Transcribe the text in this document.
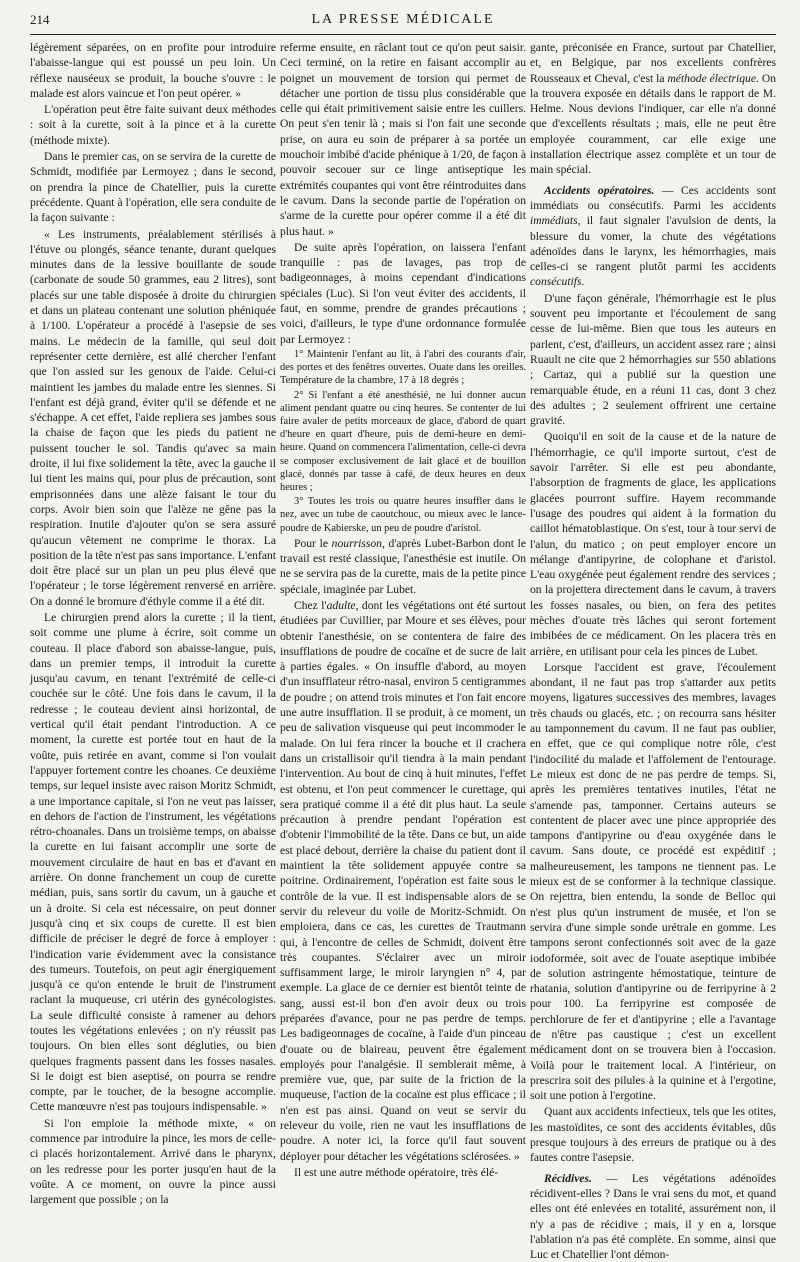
214	LA PRESSE MÉDICALE

légèrement séparées, on en profite pour introduire l'abaisse-langue qui est poussé un peu loin. Un réflexe nauséeux se produit, la bouche s'ouvre : le malade est alors vaincue et l'on peut opérer. »

L'opération peut être faite suivant deux méthodes : soit à la curette, soit à la pince et à la curette (méthode mixte).

Dans le premier cas, on se servira de la curette de Schmidt, modifiée par Lermoyez ; dans le second, on prendra la pince de Chatellier, puis la curette précédente. Quant à l'opération, elle sera conduite de la façon suivante :

« Les instruments, préalablement stérilisés à l'étuve ou plongés, séance tenante, durant quelques minutes dans de la lessive bouillante de soude (carbonate de soude 50 grammes, eau 2 litres), sont placés sur une table disposée à droite du chirurgien et dans un plateau contenant une solution phéniquée à 1/100. L'opérateur a procédé à l'asepsie de ses mains. Le médecin de la famille, qui seul doit représenter cette dernière, est allé chercher l'enfant que l'on assied sur les genoux de l'aide. Celui-ci maintient les jambes du malade entre les siennes. Si l'enfant est déjà grand, éviter qu'il se défende et ne s'échappe. A cet effet, l'aide repliera ses jambes sous la chaise de façon que les pieds du patient ne puissent toucher le sol. Tandis qu'avec sa main droite, il lui fixe solidement la tête, avec la gauche il lui tient les mains qui, pour plus de précaution, sont emprisonnées dans une alèze faisant le tour du corps. Avoir bien soin que l'alèze ne gêne pas la respiration. Inutile d'ajouter qu'on se sera assuré qu'aucun vêtement ne comprime le thorax. La position de la tête n'est pas sans importance. L'enfant doit être placé sur un plan un peu plus élevé que l'opérateur ; le torse légèrement renversé en arrière. On a donné le bromure d'éthyle comme il a été dit.

Le chirurgien prend alors la curette ; il la tient, soit comme une plume à écrire, soit comme un couteau. Il place d'abord son abaisse-langue, puis, dans un premier temps, il introduit la curette jusqu'au cavum, en tenant l'extrémité de celle-ci couchée sur le côté. Une fois dans le cavum, il la redresse ; le couteau devient ainsi horizontal, de vertical qu'il était pendant l'introduction. A ce moment, la curette est portée tout en haut de la voûte, puis retirée en avant, comme si l'on voulait l'appuyer fortement contre les choanes. Ce deuxième temps, sur lequel insiste avec raison Moritz Schmidt, a une importance capitale, si l'on ne veut pas laisser, en dehors de l'action de l'instrument, les végétations rétro-choanales. Dans un troisième temps, on abaisse la curette en lui faisant accomplir une sorte de mouvement circulaire de haut en bas et d'avant en arrière. On donne franchement un coup de curette médian, puis, sans sortir du cavum, un à gauche et un à droite. Si cela est nécessaire, on peut donner jusqu'à cinq et six coups de curette. Il est bien difficile de préciser le degré de force à employer : l'indication varie évidemment avec la consistance des tumeurs. Toutefois, on peut agir énergiquement jusqu'à ce qu'on entende le bruit de l'instrument raclant la muqueuse, cri utérin des gynécologistes. La seule difficulté consiste à ramener au dehors toutes les végétations enlevées ; on n'y réussit pas toujours. On bien elles sont dégluties, ou bien quelques fragments passent dans les fosses nasales. Si le doigt est bien aseptisé, on pourra se rendre compte, par le toucher, de la besogne accomplie. Cette manœuvre n'est pas toujours indispensable. »

Si l'on emploie la méthode mixte, « on commence par introduire la pince, les mors de celle-ci placés horizontalement. Arrivé dans le pharynx, on les redresse pour les porter jusqu'en haut de la voûte. A ce moment, on ouvre la pince aussi largement que possible ; on la

referme ensuite, en râclant tout ce qu'on peut saisir. Ceci terminé, on la retire en faisant accomplir au poignet un mouvement de torsion qui permet de détacher une portion de tissu plus considérable que celle qui était primitivement saisie entre les cuillers. On peut s'en tenir là ; mais si l'on fait une seconde prise, on aura eu soin de préparer à sa portée un mouchoir imbibé d'acide phénique à 1/20, de façon à pouvoir secouer sur ce linge antiseptique les extrémités coupantes qui vont être réintroduites dans le cavum. Dans la seconde partie de l'opération on s'arme de la curette pour opérer comme il a été dit plus haut. »

De suite après l'opération, on laissera l'enfant tranquille : pas de lavages, pas trop de badigeonnages, à moins cependant d'indications spéciales (Luc). Si l'on veut éviter des accidents, il faut, en somme, prendre de grandes précautions ; voici, d'ailleurs, le type d'une ordonnance formulée par Lermoyez :

1° Maintenir l'enfant au lit, à l'abri des courants d'air, des portes et des fenêtres ouvertes. Ouate dans les oreilles. Température de la chambre, 17 à 18 degrés ;

2° Si l'enfant a été anesthésié, ne lui donner aucun aliment pendant quatre ou cinq heures. Se contenter de lui faire avaler de petits morceaux de glace, d'abord de quart d'heure en quart d'heure, puis de demi-heure en demi-heure. Quand on commencera l'alimentation, celle-ci devra se composer exclusivement de lait glacé et de bouillon glacé, donnés par tasse à café, de deux heures en deux heures ;

3° Toutes les trois ou quatre heures insuffler dans le nez, avec un tube de caoutchouc, ou mieux avec le lance-poudre de Kabierske, un peu de poudre d'aristol.

Pour le nourrisson, d'après Lubet-Barbon dont le travail est resté classique, l'anesthésie est inutile. On ne se servira pas de la curette, mais de la petite pince spéciale, imaginée par Lubet.

Chez l'adulte, dont les végétations ont été surtout étudiées par Cuvillier, par Moure et ses élèves, pour obtenir l'anesthésie, on se contentera de faire des insufflations de poudre de cocaïne et de sucre de lait à parties égales. « On insuffle d'abord, au moyen d'un insufflateur rétro-nasal, environ 5 centigrammes de poudre ; on attend trois minutes et l'on fait encore une autre insufflation. Il se produit, à ce moment, un peu de salivation visqueuse qui peut incommoder le malade. On lui fera rincer la bouche et il crachera dans un cristallisoir qu'il tiendra à la main pendant l'intervention. Au bout de cinq à huit minutes, l'effet est obtenu, et l'on peut commencer le curettage, qui sera pratiqué comme il a été dit plus haut. La seule précaution à prendre pendant l'opération est d'obtenir l'immobilité de la tête. Dans ce but, un aide est placé debout, derrière la chaise du patient dont il maintient la tête solidement appuyée contre sa poitrine. Ordinairement, l'opération est faite sous le contrôle de la vue. Il est indispensable alors de se servir du releveur du voile de Moritz-Schmidt. On emploiera, dans ce cas, les curettes de Trautmann qui, à l'encontre de celles de Schmidt, doivent être très coupantes. S'éclairer avec un miroir suffisamment large, le miroir laryngien n° 4, par exemple. La glace de ce dernier est bientôt teinte de sang, aussi est-il bon d'en avoir deux ou trois préparées d'avance, pour ne pas perdre de temps. Les badigeonnages de cocaïne, à l'aide d'un pinceau d'ouate ou de blaireau, peuvent être également employés pour l'analgésie. Il semblerait même, à première vue, que, par suite de la friction de la muqueuse, l'action de la cocaïne est plus efficace ; il n'en est pas ainsi. Quand on veut se servir du releveur du voile, rien ne vaut les insufflations de poudre. A noter ici, la force qu'il faut souvent déployer pour détacher les végétations sclérosées. »

Il est une autre méthode opératoire, très élé-

gante, préconisée en France, surtout par Chatellier, et, en Belgique, par nos excellents confrères Rousseaux et Cheval, c'est la méthode électrique. On la trouvera exposée en détails dans le rapport de M. Helme. Nous devions l'indiquer, car elle n'a donné que d'excellents résultats ; mais, elle ne peut être employée couramment, car elle exige une installation électrique assez complète et un tour de main spécial.

Accidents opératoires. — Ces accidents sont immédiats ou consécutifs. Parmi les accidents immédiats, il faut signaler l'avulsion de dents, la blessure du vomer, la chute des végétations adénoïdes dans le larynx, les hémorrhagies, mais celles-ci se rangent plutôt parmi les accidents consécutifs.

D'une façon générale, l'hémorrhagie est le plus souvent peu importante et l'écoulement de sang cesse de lui-même. Bien que tous les auteurs en parlent, c'est, d'ailleurs, un accident assez rare ; ainsi Ruault ne cite que 2 hémorrhagies sur 550 ablations ; Cartaz, qui a publié sur la question une remarquable étude, en a réuni 11 cas, dont 3 chez des adultes ; 2 seulement offrirent une certaine gravité.

Quoiqu'il en soit de la cause et de la nature de l'hémorrhagie, ce qu'il importe surtout, c'est de savoir l'arrêter. Si elle est peu abondante, l'absorption de fragments de glace, les applications glacées pourront suffire. Hayem recommande l'usage des poudres qui aident à la formation du caillot hématoblastique. On s'est, tour à tour servi de l'alun, du matico ; on peut employer encore un mélange d'antipyrine, de colophane et d'aristol. L'eau oxygénée peut également rendre des services ; on la projettera directement dans le cavum, à travers les fosses nasales, ou bien, on fera des petites mèches d'ouate très lâches qui seront fortement imbibées de ce médicament. On les placera très en arrière, en utilisant pour cela les pinces de Lubet.

Lorsque l'accident est grave, l'écoulement abondant, il ne faut pas trop s'attarder aux petits moyens, ligatures successives des membres, lavages très chauds ou glacés, etc. ; on recourra sans hésiter au tamponnement du cavum. Il ne faut pas oublier, en effet, que ce qui complique notre rôle, c'est l'indocilité du malade et l'affolement de l'entourage. Le mieux est donc de ne pas perdre de temps. Si, après les premières tentatives inutiles, l'état ne s'amende pas, tamponner. Certains auteurs se contentent de placer avec une pince appropriée des tampons d'antipyrine ou d'eau oxygénée dans le cavum. Sans doute, ce procédé est expéditif ; malheureusement, les tampons ne tiennent pas. Le mieux est de se conformer à la technique classique. On rejettra, bien entendu, la sonde de Belloc qui n'est plus qu'un instrument de musée, et l'on se servira d'une simple sonde urétrale en gomme. Les tampons seront confectionnés soit avec de la gaze iodoformée, soit avec de l'ouate aseptique imbibée de solution astringente hémostatique, teinture de rhatania, solution d'antipyrine ou de ferripyrine à 2 pour 100. La ferripyrine est composée de perchlorure de fer et d'antipyrine ; elle a l'avantage de n'être pas caustique ; c'est un excellent médicament dont on se trouvera bien à l'occasion. Voilà pour le traitement local. A l'intérieur, on prescrira soit des pilules à la quinine et à l'ergotine, soit une potion à l'ergotine.

Quant aux accidents infectieux, tels que les otites, les mastoïdites, ce sont des accidents évitables, dûs presque toujours à des erreurs de pratique ou à des fautes contre l'asepsie.

Récidives. — Les végétations adénoïdes récidivent-elles ? Dans le vrai sens du mot, et quand elles ont été enlevées en totalité, assurément non, il n'y a pas de récidive ; mais, il y en a, lorsque l'ablation n'a pas été complète. En somme, ainsi que Luc et Chatellier l'ont démon-
